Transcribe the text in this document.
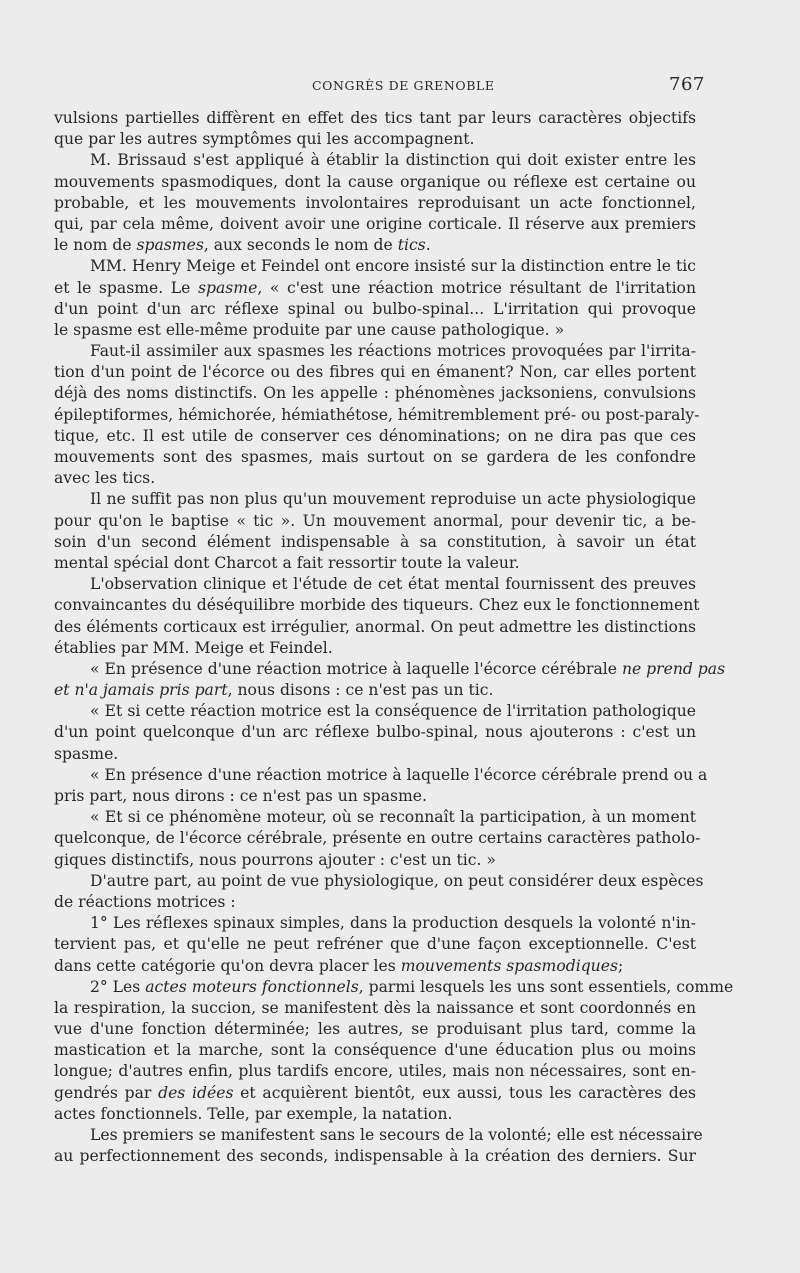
CONGRÈS DE GRENOBLE	767
vulsions partielles diffèrent en effet des tics tant par leurs caractères objectifs
que par les autres symptômes qui les accompagnent.
M. Brissaud s'est appliqué à établir la distinction qui doit exister entre les
mouvements spasmodiques, dont la cause organique ou réflexe est certaine ou
probable, et les mouvements involontaires reproduisant un acte fonctionnel,
qui, par cela même, doivent avoir une origine corticale. Il réserve aux premiers
le nom de spasmes, aux seconds le nom de tics.
MM. Henry Meige et Feindel ont encore insisté sur la distinction entre le tic
et le spasme. Le spasme, « c'est une réaction motrice résultant de l'irritation
d'un point d'un arc réflexe spinal ou bulbo-spinal... L'irritation qui provoque
le spasme est elle-même produite par une cause pathologique. »
Faut-il assimiler aux spasmes les réactions motrices provoquées par l'irrita-
tion d'un point de l'écorce ou des fibres qui en émanent? Non, car elles portent
déjà des noms distinctifs. On les appelle : phénomènes jacksoniens, convulsions
épileptiformes, hémichorée, hémiathétose, hémitremblement pré- ou post-paraly-
tique, etc. Il est utile de conserver ces dénominations; on ne dira pas que ces
mouvements sont des spasmes, mais surtout on se gardera de les confondre
avec les tics.
Il ne suffit pas non plus qu'un mouvement reproduise un acte physiologique
pour qu'on le baptise « tic ». Un mouvement anormal, pour devenir tic, a be-
soin d'un second élément indispensable à sa constitution, à savoir un état
mental spécial dont Charcot a fait ressortir toute la valeur.
L'observation clinique et l'étude de cet état mental fournissent des preuves
convaincantes du déséquilibre morbide des tiqueurs. Chez eux le fonctionnement
des éléments corticaux est irrégulier, anormal. On peut admettre les distinctions
établies par MM. Meige et Feindel.
« En présence d'une réaction motrice à laquelle l'écorce cérébrale ne prend pas
et n'a jamais pris part, nous disons : ce n'est pas un tic.
« Et si cette réaction motrice est la conséquence de l'irritation pathologique
d'un point quelconque d'un arc réflexe bulbo-spinal, nous ajouterons : c'est un
spasme.
« En présence d'une réaction motrice à laquelle l'écorce cérébrale prend ou a
pris part, nous dirons : ce n'est pas un spasme.
« Et si ce phénomène moteur, où se reconnaît la participation, à un moment
quelconque, de l'écorce cérébrale, présente en outre certains caractères patholo-
giques distinctifs, nous pourrons ajouter : c'est un tic. »
D'autre part, au point de vue physiologique, on peut considérer deux espèces
de réactions motrices :
1° Les réflexes spinaux simples, dans la production desquels la volonté n'in-
tervient pas, et qu'elle ne peut refréner que d'une façon exceptionnelle. C'est
dans cette catégorie qu'on devra placer les mouvements spasmodiques;
2° Les actes moteurs fonctionnels, parmi lesquels les uns sont essentiels, comme
la respiration, la succion, se manifestent dès la naissance et sont coordonnés en
vue d'une fonction déterminée; les autres, se produisant plus tard, comme la
mastication et la marche, sont la conséquence d'une éducation plus ou moins
longue; d'autres enfin, plus tardifs encore, utiles, mais non nécessaires, sont en-
gendrés par des idées et acquièrent bientôt, eux aussi, tous les caractères des
actes fonctionnels. Telle, par exemple, la natation.
Les premiers se manifestent sans le secours de la volonté; elle est nécessaire
au perfectionnement des seconds, indispensable à la création des derniers. Sur
